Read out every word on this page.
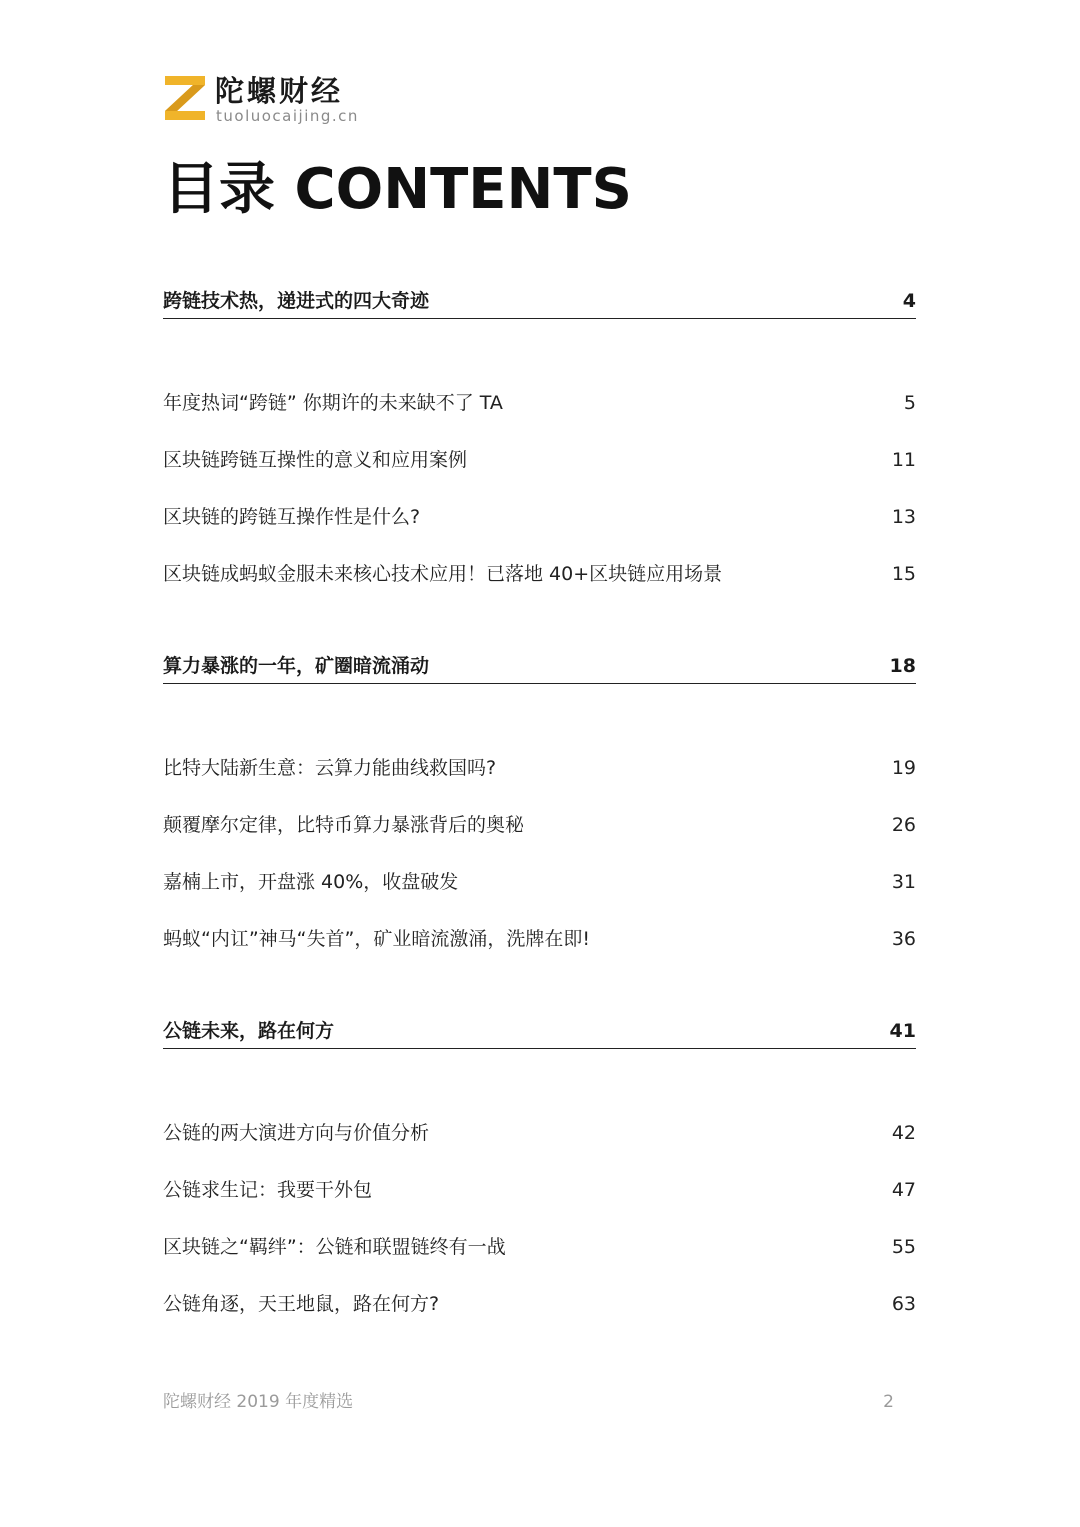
陀螺财经
tuoluocaijing.cn
目录 CONTENTS
跨链技术热，递进式的四大奇迹	4
年度热词“跨链” 你期许的未来缺不了 TA	5
区块链跨链互操性的意义和应用案例	11
区块链的跨链互操作性是什么?	13
区块链成蚂蚁金服未来核心技术应用！已落地 40+区块链应用场景	15
算力暴涨的一年，矿圈暗流涌动	18
比特大陆新生意：云算力能曲线救国吗?	19
颠覆摩尔定律，比特币算力暴涨背后的奥秘	26
嘉楠上市，开盘涨 40%，收盘破发	31
蚂蚁“内讧”神马“失首”，矿业暗流激涌，洗牌在即!	36
公链未来，路在何方	41
公链的两大演进方向与价值分析	42
公链求生记：我要干外包	47
区块链之“羁绊”：公链和联盟链终有一战	55
公链角逐，天王地鼠，路在何方?	63
陀螺财经 2019 年度精选	2
